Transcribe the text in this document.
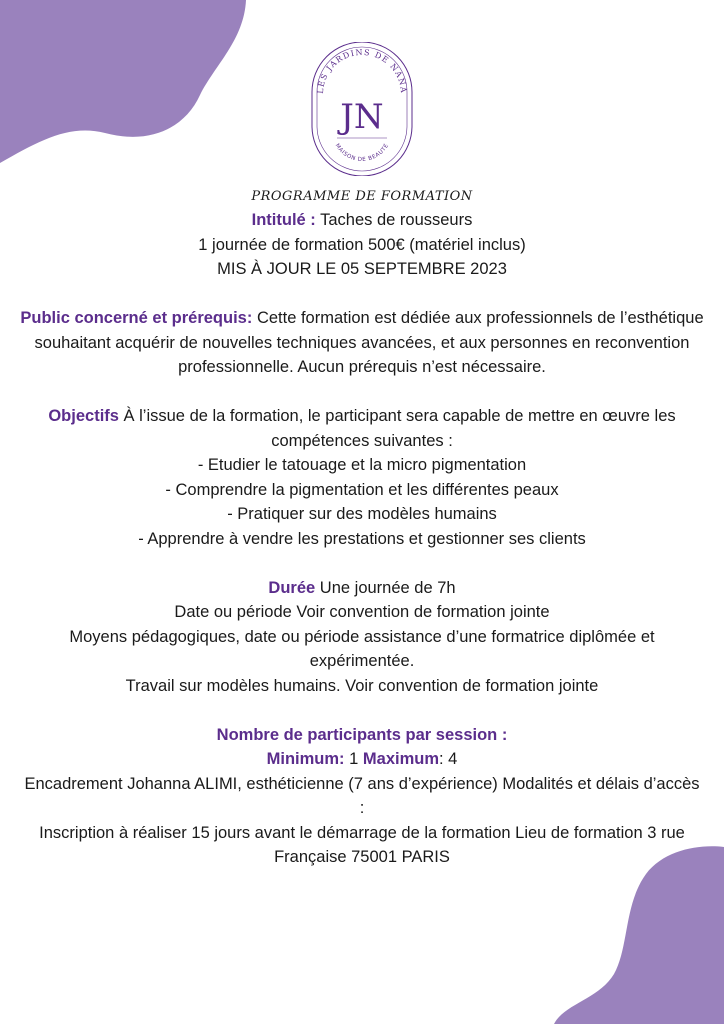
LES JARDINS DE NANA
JN
MAISON DE BEAUTÉ

PROGRAMME DE FORMATION

Intitulé : Taches de rousseurs

1 journée de formation 500€ (matériel inclus)

MIS À JOUR LE 05 SEPTEMBRE 2023

Public concerné et prérequis: Cette formation est dédiée aux professionnels de l’esthétique souhaitant acquérir de nouvelles techniques avancées, et aux personnes en reconvention professionnelle. Aucun prérequis n’est nécessaire.

Objectifs À l’issue de la formation, le participant sera capable de mettre en œuvre les compétences suivantes :

- Etudier le tatouage et la micro pigmentation

- Comprendre la pigmentation et les différentes peaux

- Pratiquer sur des modèles humains

- Apprendre à vendre les prestations et gestionner ses clients

Durée Une journée de 7h

Date ou période Voir convention de formation jointe

Moyens pédagogiques, date ou période assistance d’une formatrice diplômée et expérimentée.

Travail sur modèles humains. Voir convention de formation jointe

Nombre de participants par session :

Minimum: 1 Maximum: 4

Encadrement Johanna ALIMI, esthéticienne (7 ans d’expérience) Modalités et délais d’accès :

Inscription à réaliser 15 jours avant le démarrage de la formation Lieu de formation 3 rue Française 75001 PARIS
